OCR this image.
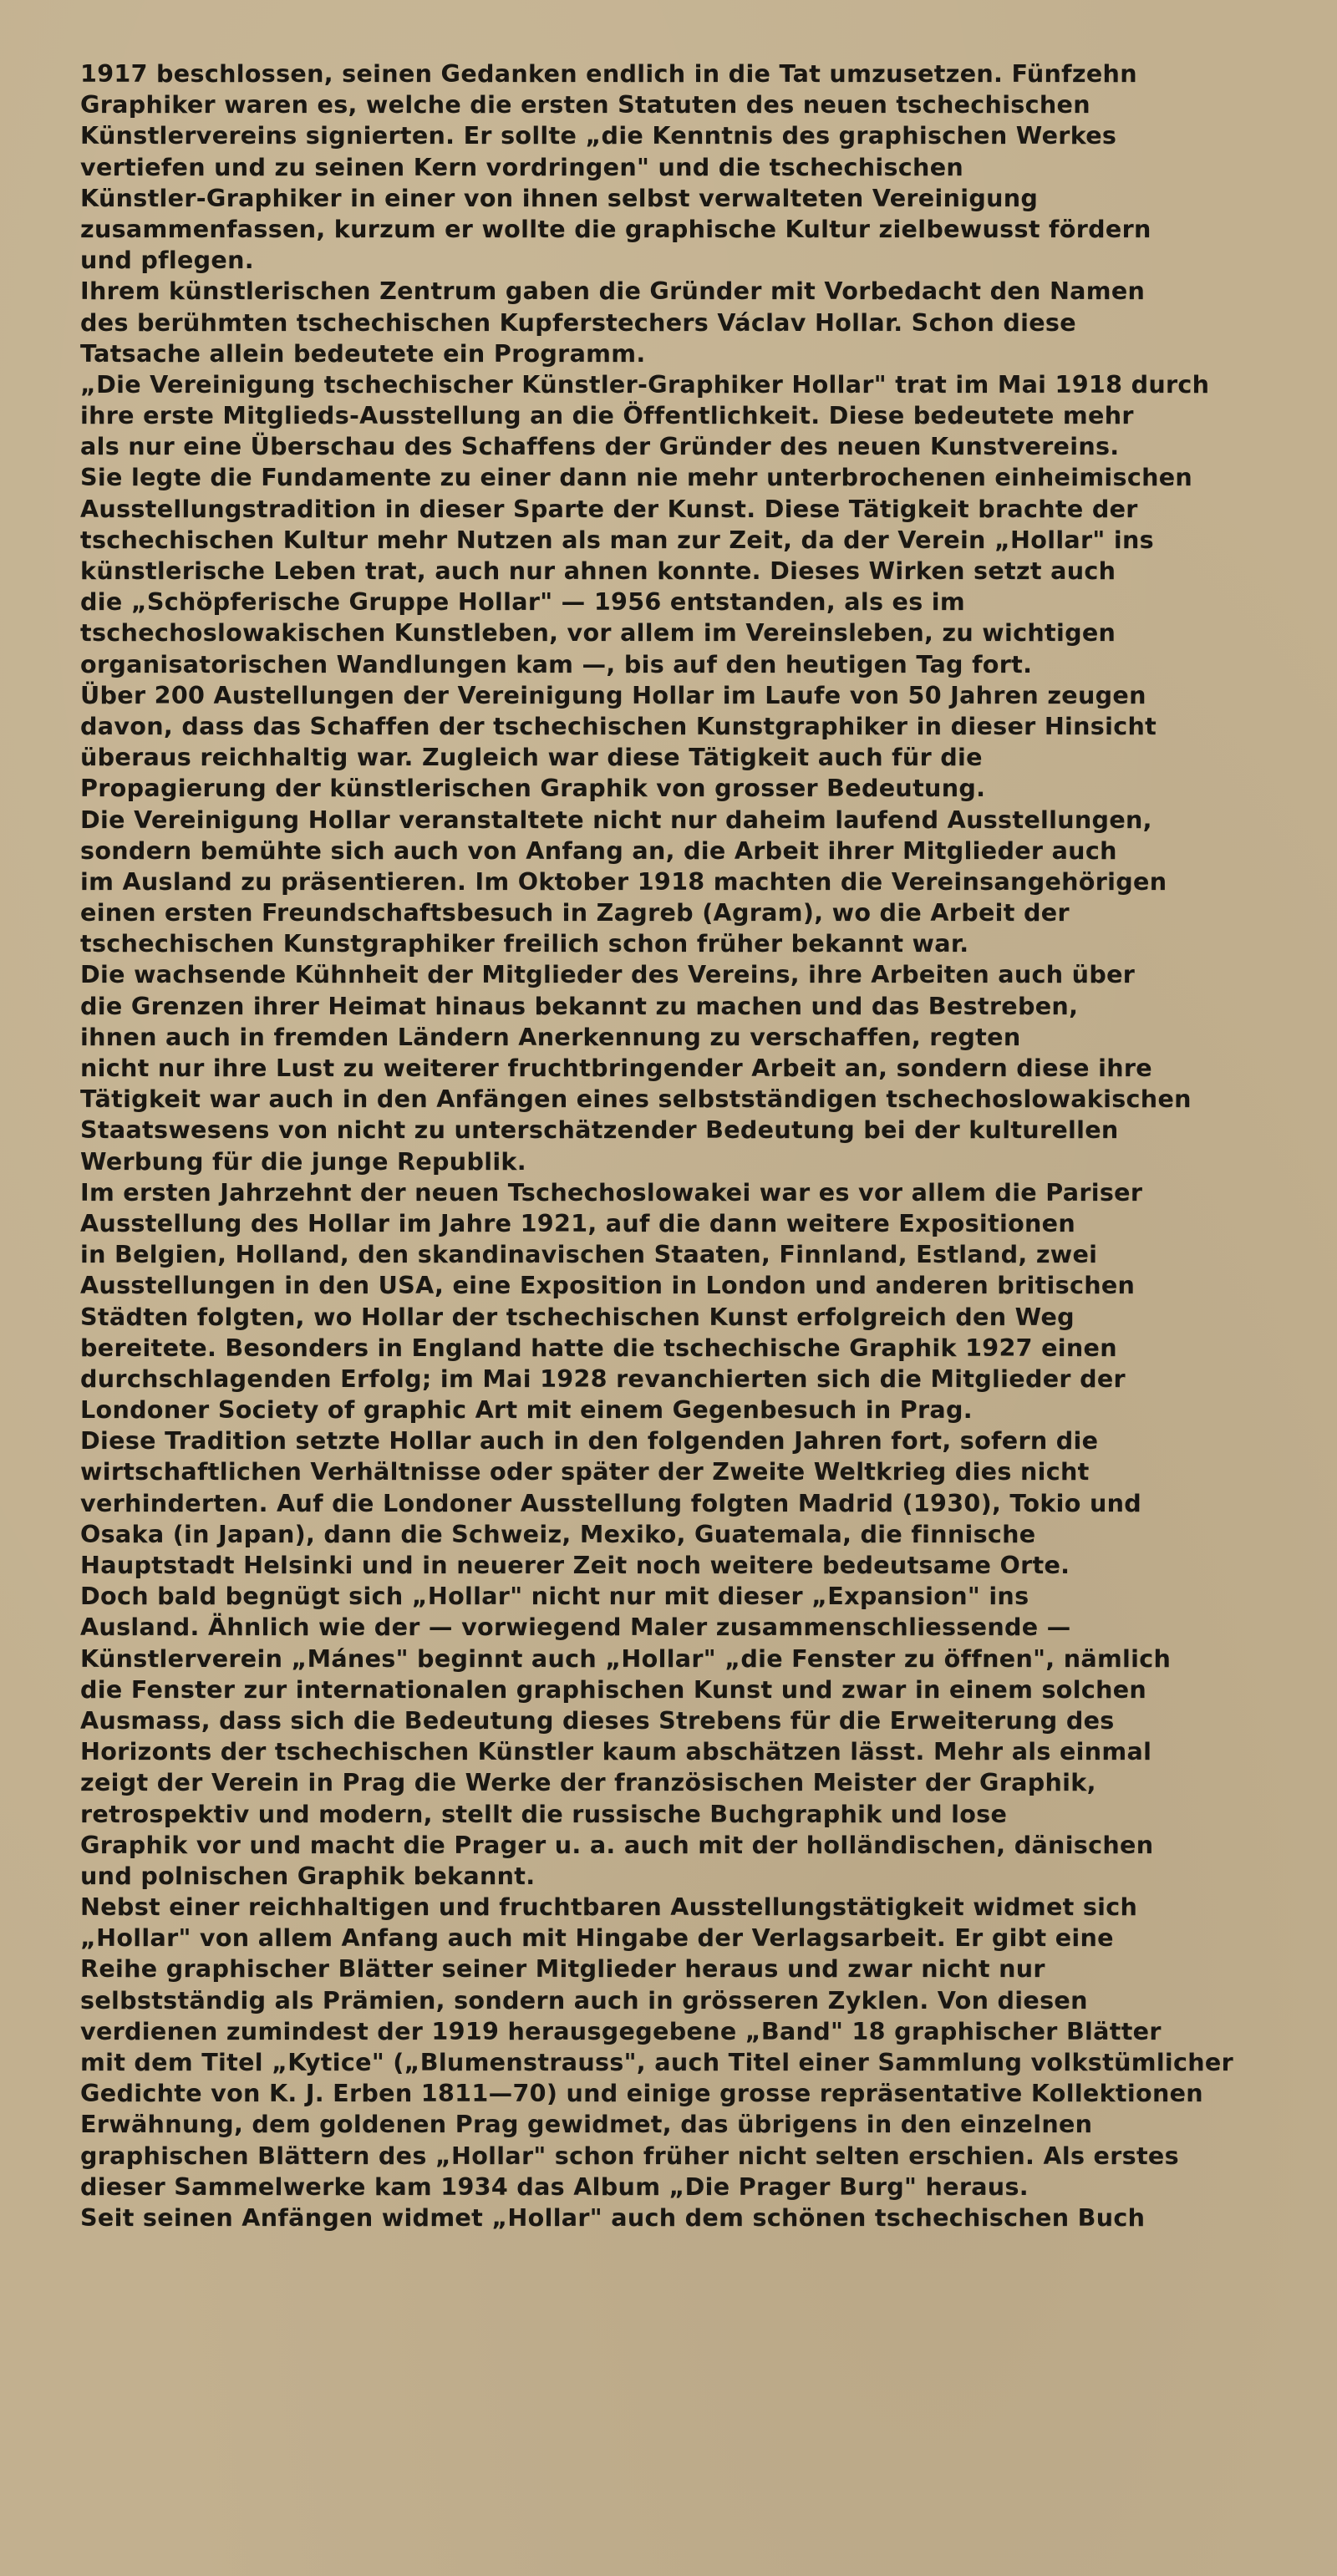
1917 beschlossen, seinen Gedanken endlich in die Tat umzusetzen. Fünfzehn
Graphiker waren es, welche die ersten Statuten des neuen tschechischen
Künstlervereins signierten. Er sollte „die Kenntnis des graphischen Werkes
vertiefen und zu seinen Kern vordringen" und die tschechischen
Künstler-Graphiker in einer von ihnen selbst verwalteten Vereinigung
zusammenfassen, kurzum er wollte die graphische Kultur zielbewusst fördern
und pflegen.
Ihrem künstlerischen Zentrum gaben die Gründer mit Vorbedacht den Namen
des berühmten tschechischen Kupferstechers Václav Hollar. Schon diese
Tatsache allein bedeutete ein Programm.
„Die Vereinigung tschechischer Künstler-Graphiker Hollar" trat im Mai 1918 durch
ihre erste Mitglieds-Ausstellung an die Öffentlichkeit. Diese bedeutete mehr
als nur eine Überschau des Schaffens der Gründer des neuen Kunstvereins.
Sie legte die Fundamente zu einer dann nie mehr unterbrochenen einheimischen
Ausstellungstradition in dieser Sparte der Kunst. Diese Tätigkeit brachte der
tschechischen Kultur mehr Nutzen als man zur Zeit, da der Verein „Hollar" ins
künstlerische Leben trat, auch nur ahnen konnte. Dieses Wirken setzt auch
die „Schöpferische Gruppe Hollar" — 1956 entstanden, als es im
tschechoslowakischen Kunstleben, vor allem im Vereinsleben, zu wichtigen
organisatorischen Wandlungen kam —, bis auf den heutigen Tag fort.
Über 200 Austellungen der Vereinigung Hollar im Laufe von 50 Jahren zeugen
davon, dass das Schaffen der tschechischen Kunstgraphiker in dieser Hinsicht
überaus reichhaltig war. Zugleich war diese Tätigkeit auch für die
Propagierung der künstlerischen Graphik von grosser Bedeutung.
Die Vereinigung Hollar veranstaltete nicht nur daheim laufend Ausstellungen,
sondern bemühte sich auch von Anfang an, die Arbeit ihrer Mitglieder auch
im Ausland zu präsentieren. Im Oktober 1918 machten die Vereinsangehörigen
einen ersten Freundschaftsbesuch in Zagreb (Agram), wo die Arbeit der
tschechischen Kunstgraphiker freilich schon früher bekannt war.
Die wachsende Kühnheit der Mitglieder des Vereins, ihre Arbeiten auch über
die Grenzen ihrer Heimat hinaus bekannt zu machen und das Bestreben,
ihnen auch in fremden Ländern Anerkennung zu verschaffen, regten
nicht nur ihre Lust zu weiterer fruchtbringender Arbeit an, sondern diese ihre
Tätigkeit war auch in den Anfängen eines selbstständigen tschechoslowakischen
Staatswesens von nicht zu unterschätzender Bedeutung bei der kulturellen
Werbung für die junge Republik.
Im ersten Jahrzehnt der neuen Tschechoslowakei war es vor allem die Pariser
Ausstellung des Hollar im Jahre 1921, auf die dann weitere Expositionen
in Belgien, Holland, den skandinavischen Staaten, Finnland, Estland, zwei
Ausstellungen in den USA, eine Exposition in London und anderen britischen
Städten folgten, wo Hollar der tschechischen Kunst erfolgreich den Weg
bereitete. Besonders in England hatte die tschechische Graphik 1927 einen
durchschlagenden Erfolg; im Mai 1928 revanchierten sich die Mitglieder der
Londoner Society of graphic Art mit einem Gegenbesuch in Prag.
Diese Tradition setzte Hollar auch in den folgenden Jahren fort, sofern die
wirtschaftlichen Verhältnisse oder später der Zweite Weltkrieg dies nicht
verhinderten. Auf die Londoner Ausstellung folgten Madrid (1930), Tokio und
Osaka (in Japan), dann die Schweiz, Mexiko, Guatemala, die finnische
Hauptstadt Helsinki und in neuerer Zeit noch weitere bedeutsame Orte.
Doch bald begnügt sich „Hollar" nicht nur mit dieser „Expansion" ins
Ausland. Ähnlich wie der — vorwiegend Maler zusammenschliessende —
Künstlerverein „Mánes" beginnt auch „Hollar" „die Fenster zu öffnen", nämlich
die Fenster zur internationalen graphischen Kunst und zwar in einem solchen
Ausmass, dass sich die Bedeutung dieses Strebens für die Erweiterung des
Horizonts der tschechischen Künstler kaum abschätzen lässt. Mehr als einmal
zeigt der Verein in Prag die Werke der französischen Meister der Graphik,
retrospektiv und modern, stellt die russische Buchgraphik und lose
Graphik vor und macht die Prager u. a. auch mit der holländischen, dänischen
und polnischen Graphik bekannt.
Nebst einer reichhaltigen und fruchtbaren Ausstellungstätigkeit widmet sich
„Hollar" von allem Anfang auch mit Hingabe der Verlagsarbeit. Er gibt eine
Reihe graphischer Blätter seiner Mitglieder heraus und zwar nicht nur
selbstständig als Prämien, sondern auch in grösseren Zyklen. Von diesen
verdienen zumindest der 1919 herausgegebene „Band" 18 graphischer Blätter
mit dem Titel „Kytice" („Blumenstrauss", auch Titel einer Sammlung volkstümlicher
Gedichte von K. J. Erben 1811—70) und einige grosse repräsentative Kollektionen
Erwähnung, dem goldenen Prag gewidmet, das übrigens in den einzelnen
graphischen Blättern des „Hollar" schon früher nicht selten erschien. Als erstes
dieser Sammelwerke kam 1934 das Album „Die Prager Burg" heraus.
Seit seinen Anfängen widmet „Hollar" auch dem schönen tschechischen Buch
